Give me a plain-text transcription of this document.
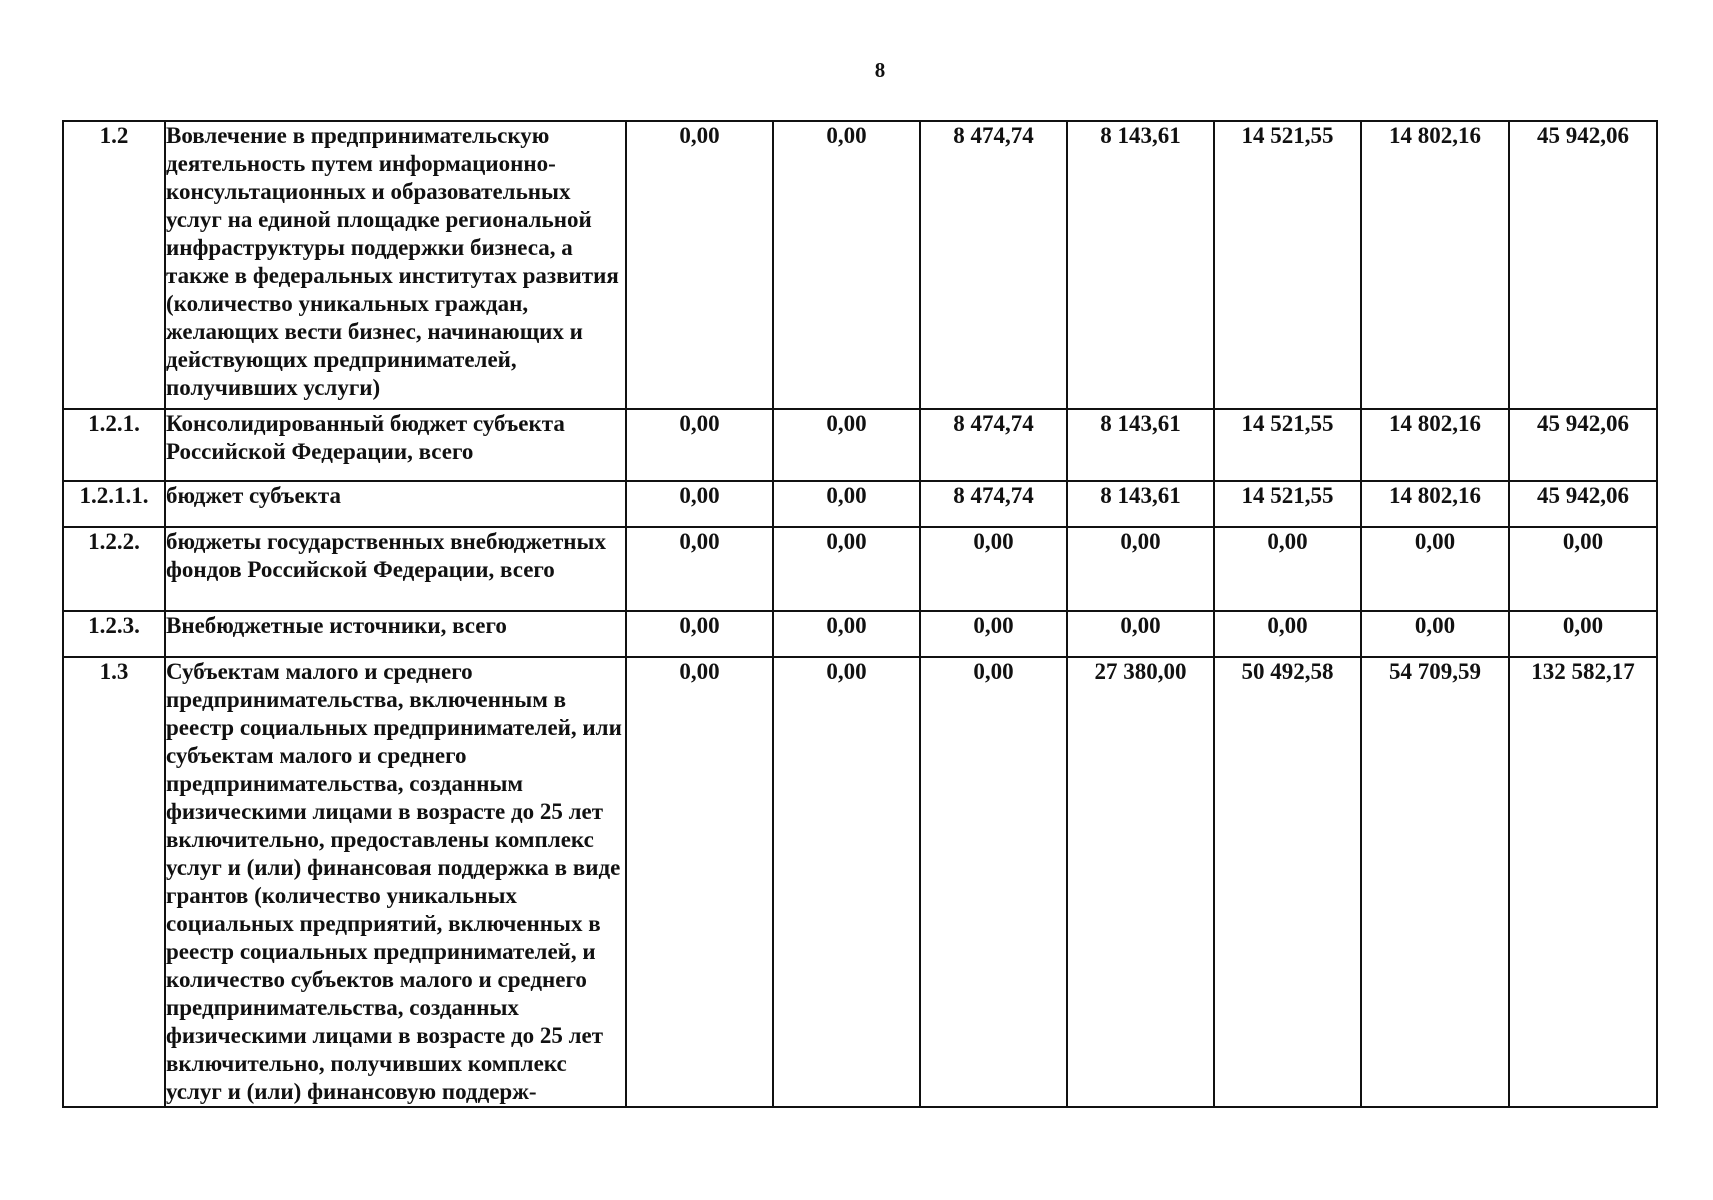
8
1.2	Вовлечение в предпринимательскую деятельность путем информационно-консультационных и образовательных услуг на единой площадке региональной инфраструктуры поддержки бизнеса, а также в федеральных институтах развития (количество уникальных граждан, желающих вести бизнес, начинающих и действующих предпринимателей, получивших услуги)	0,00	0,00	8 474,74	8 143,61	14 521,55	14 802,16	45 942,06
1.2.1.	Консолидированный бюджет субъекта Российской Федерации, всего	0,00	0,00	8 474,74	8 143,61	14 521,55	14 802,16	45 942,06
1.2.1.1.	бюджет субъекта	0,00	0,00	8 474,74	8 143,61	14 521,55	14 802,16	45 942,06
1.2.2.	бюджеты государственных внебюджетных фондов Российской Федерации, всего	0,00	0,00	0,00	0,00	0,00	0,00	0,00
1.2.3.	Внебюджетные источники, всего	0,00	0,00	0,00	0,00	0,00	0,00	0,00
1.3	Субъектам малого и среднего предпринимательства, включенным в реестр социальных предпринимателей, или субъектам малого и среднего предпринимательства, созданным физическими лицами в возрасте до 25 лет включительно, предоставлены комплекс услуг и (или) финансовая поддержка в виде грантов (количество уникальных социальных предприятий, включенных в реестр социальных предпринимателей, и количество субъектов малого и среднего предпринимательства, созданных физическими лицами в возрасте до 25 лет включительно, получивших комплекс услуг и (или) финансовую поддерж-	0,00	0,00	0,00	27 380,00	50 492,58	54 709,59	132 582,17
